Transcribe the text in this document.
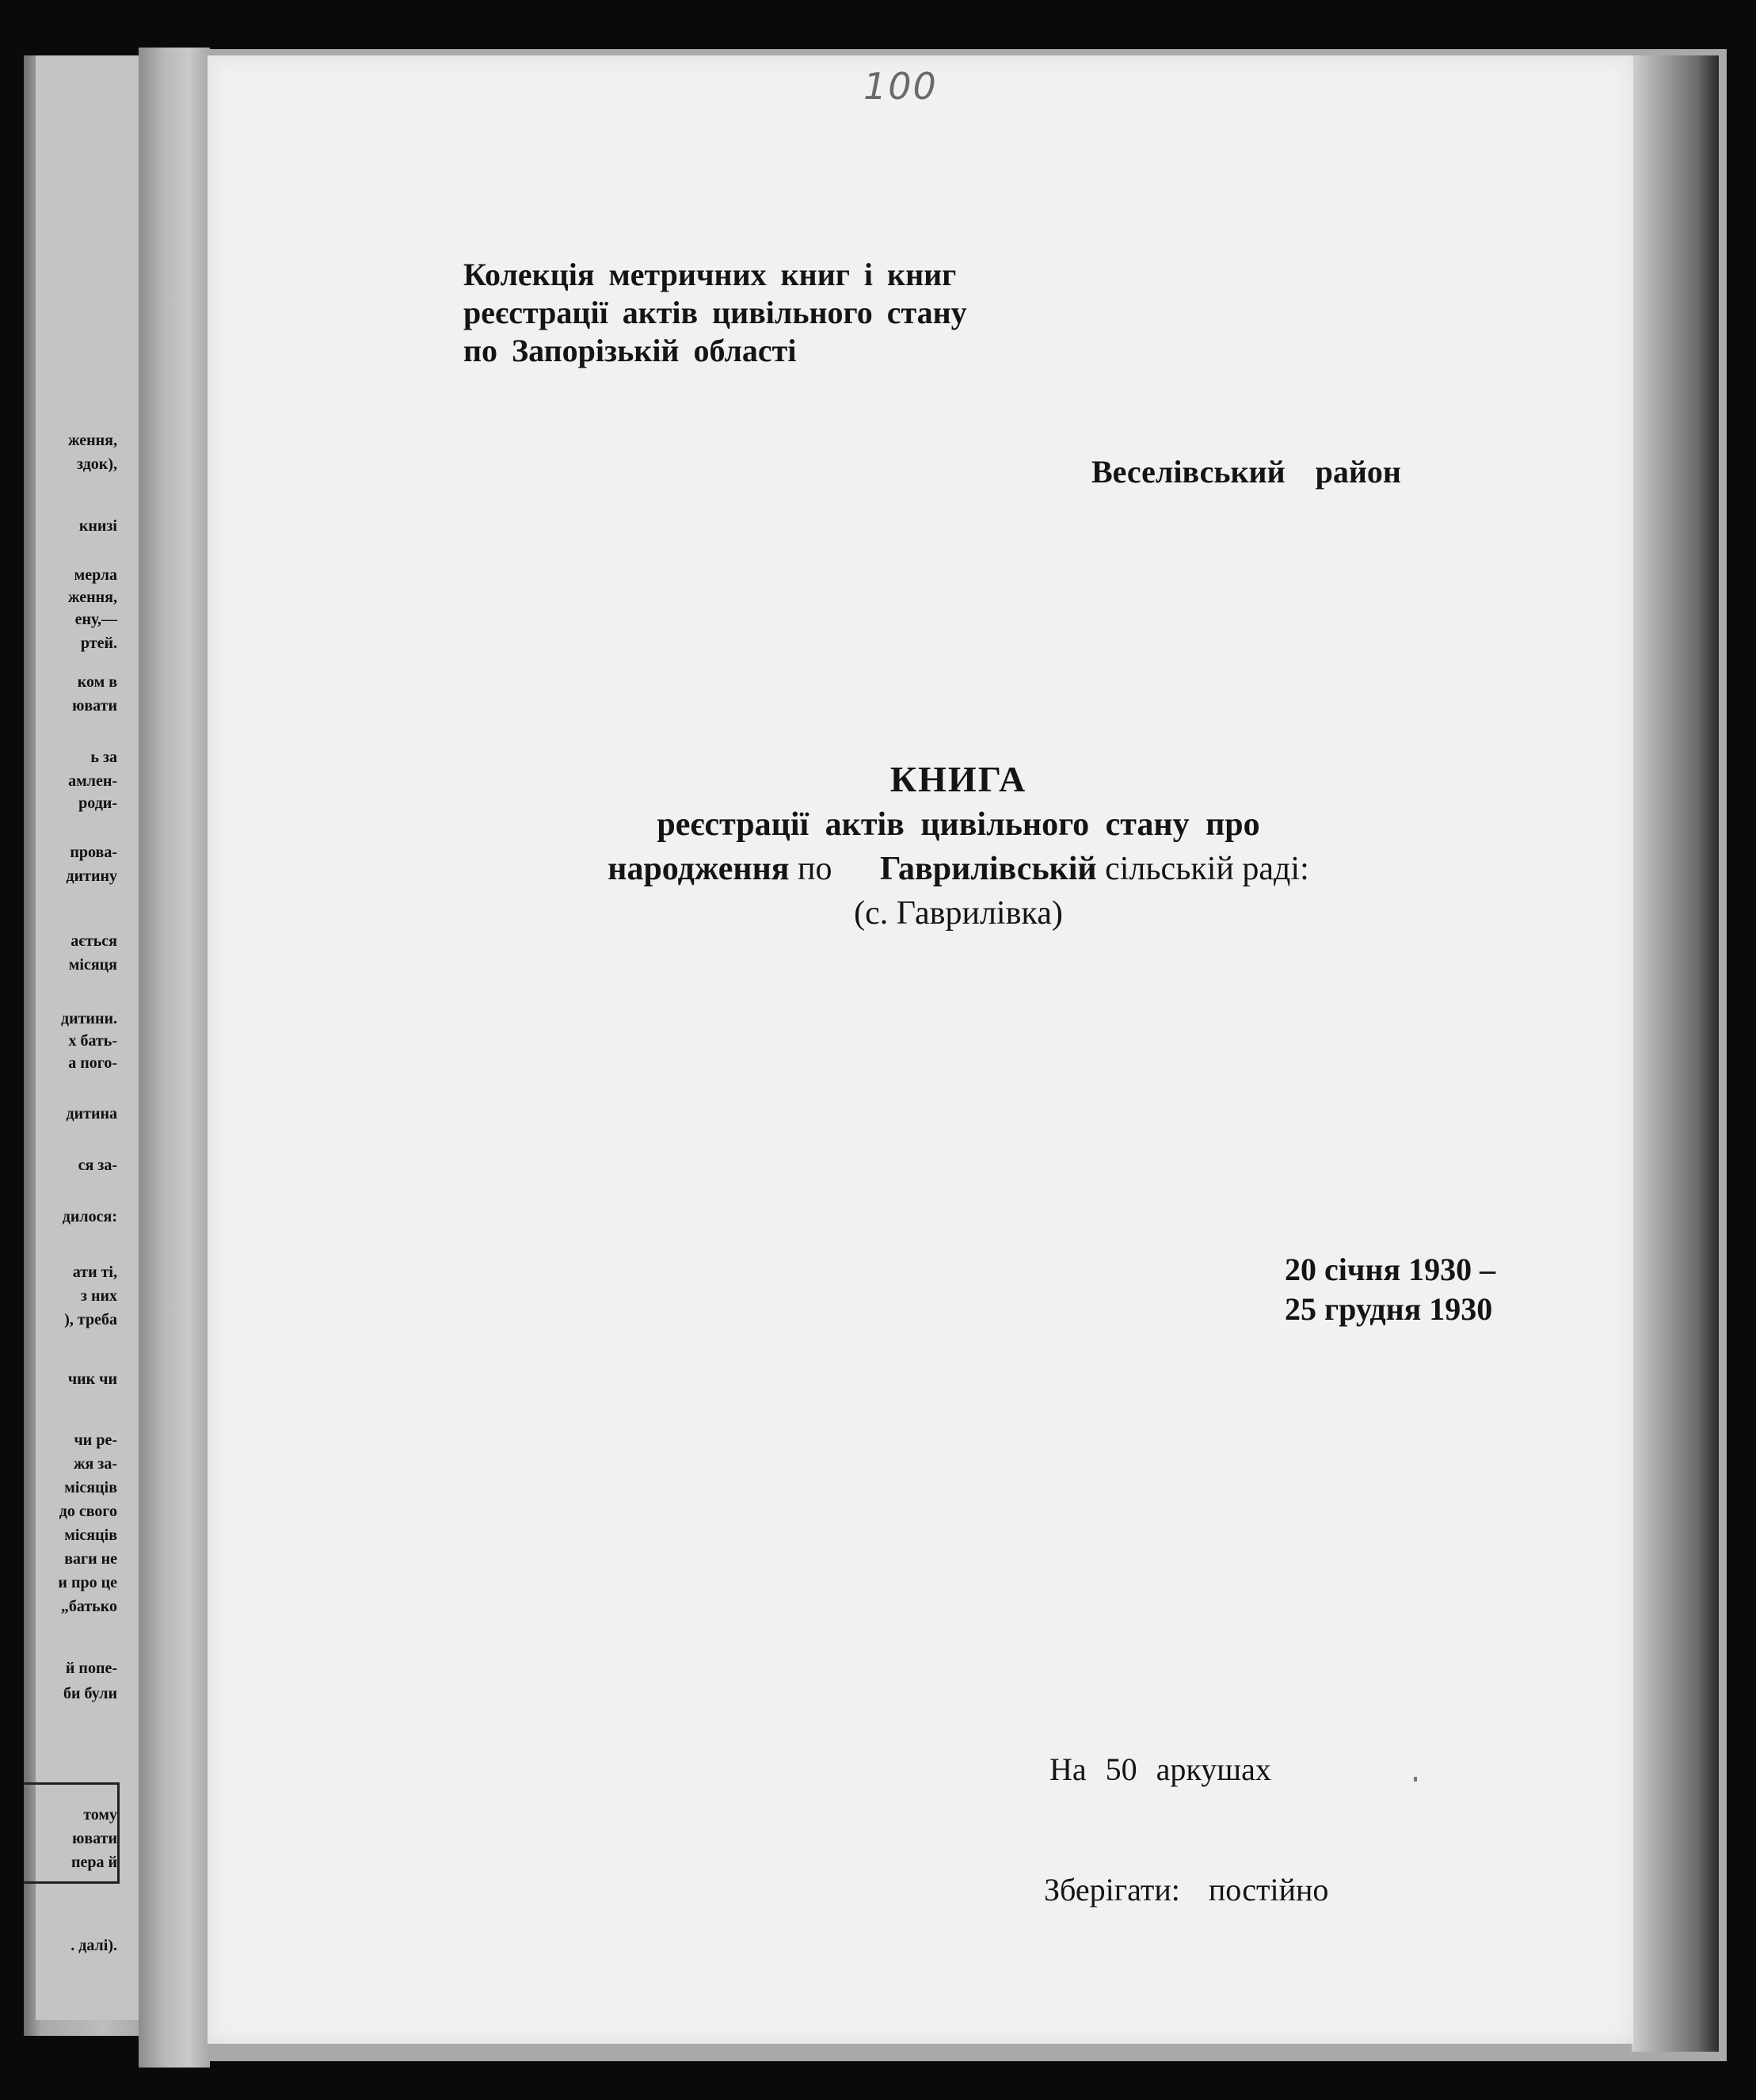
ження,
здок),
книзі
мерла
ження,
ену,—
ртей.
ком в
ювати
ь за
амлен-
роди-
прова-
дитину
ається
місяця
дитини.
х бать-
а пого-
дитина
ся за-
дилося:
ати ті,
з них
), треба
чик чи
чи ре-
жя за-
місяців
до свого
місяців
ваги не
и про це
„батько
й попе-
би були
тому
ювати
пера й
. далі).
100
Колекція метричних книг і книг
реєстрації актів цивільного стану
по Запорізькій області
Веселівський район
КНИГА
реєстрації актів цивільного стану про
народження по Гаврилівській сільській раді:
(с. Гаврилівка)
20 січня 1930 –
25 грудня 1930
На 50 аркушах
Зберігати: постійно
